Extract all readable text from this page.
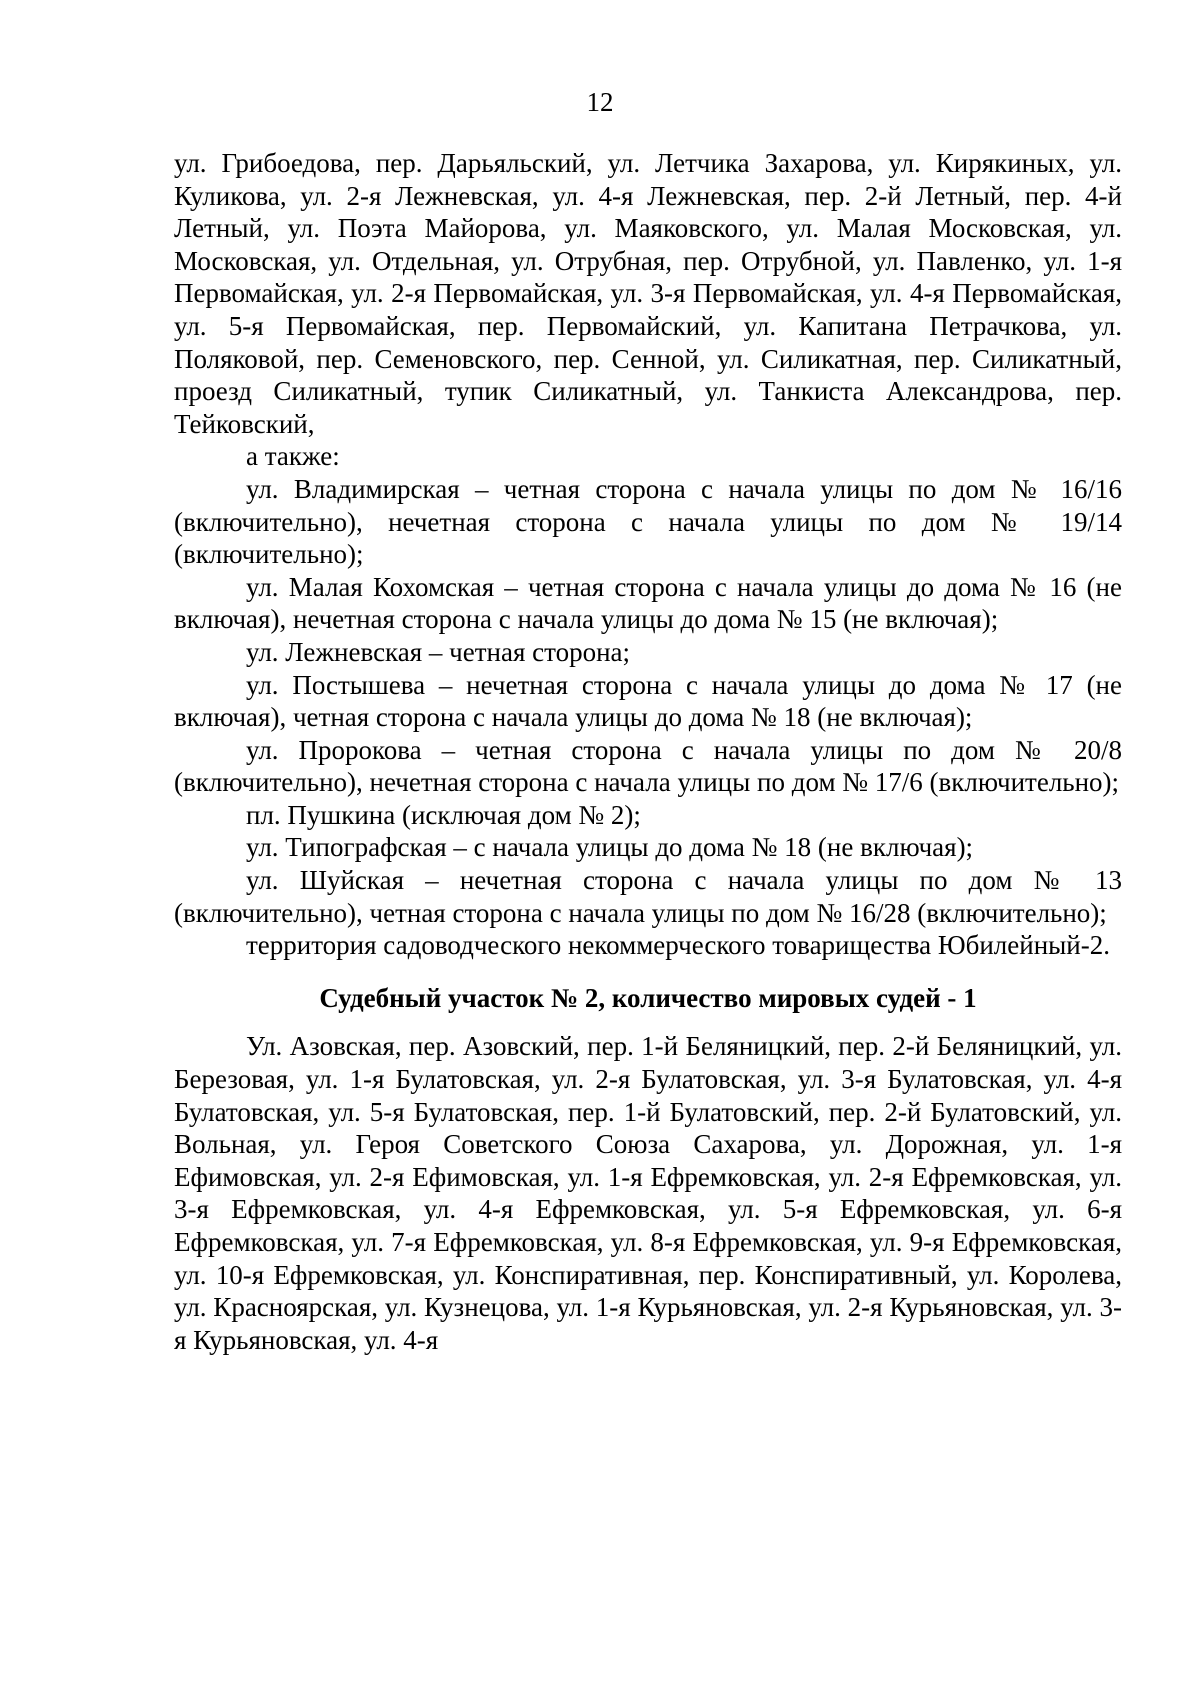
12

ул. Грибоедова, пер. Дарьяльский, ул. Летчика Захарова, ул. Кирякиных, ул. Куликова, ул. 2-я Лежневская, ул. 4-я Лежневская, пер. 2-й Летный, пер. 4-й Летный, ул. Поэта Майорова, ул. Маяковского, ул. Малая Московская, ул. Московская, ул. Отдельная, ул. Отрубная, пер. Отрубной, ул. Павленко, ул. 1-я Первомайская, ул. 2-я Первомайская, ул. 3-я Первомайская, ул. 4-я Первомайская, ул. 5-я Первомайская, пер. Первомайский, ул. Капитана Петрачкова, ул. Поляковой, пер. Семеновского, пер. Сенной, ул. Силикатная, пер. Силикатный, проезд Силикатный, тупик Силикатный, ул. Танкиста Александрова, пер. Тейковский,

а также:

ул. Владимирская – четная сторона с начала улицы по дом № 16/16 (включительно), нечетная сторона с начала улицы по дом № 19/14 (включительно);

ул. Малая Кохомская – четная сторона с начала улицы до дома № 16 (не включая), нечетная сторона с начала улицы до дома № 15 (не включая);

ул. Лежневская – четная сторона;

ул. Постышева – нечетная сторона с начала улицы до дома № 17 (не включая), четная сторона с начала улицы до дома № 18 (не включая);

ул. Пророкова – четная сторона с начала улицы по дом № 20/8 (включительно), нечетная сторона с начала улицы по дом № 17/6 (включительно);

пл. Пушкина (исключая дом № 2);

ул. Типографская – с начала улицы до дома № 18 (не включая);

ул. Шуйская – нечетная сторона с начала улицы по дом № 13 (включительно), четная сторона с начала улицы по дом № 16/28 (включительно);

территория садоводческого некоммерческого товарищества Юбилейный-2.

Судебный участок № 2, количество мировых судей - 1

Ул. Азовская, пер. Азовский, пер. 1-й Беляницкий, пер. 2-й Беляницкий, ул. Березовая, ул. 1-я Булатовская, ул. 2-я Булатовская, ул. 3-я Булатовская, ул. 4-я Булатовская, ул. 5-я Булатовская, пер. 1-й Булатовский, пер. 2-й Булатовский, ул. Вольная, ул. Героя Советского Союза Сахарова, ул. Дорожная, ул. 1-я Ефимовская, ул. 2-я Ефимовская, ул. 1-я Ефремковская, ул. 2-я Ефремковская, ул. 3-я Ефремковская, ул. 4-я Ефремковская, ул. 5-я Ефремковская, ул. 6-я Ефремковская, ул. 7-я Ефремковская, ул. 8-я Ефремковская, ул. 9-я Ефремковская, ул. 10-я Ефремковская, ул. Конспиративная, пер. Конспиративный, ул. Королева, ул. Красноярская, ул. Кузнецова, ул. 1-я Курьяновская, ул. 2-я Курьяновская, ул. 3-я Курьяновская, ул. 4-я
